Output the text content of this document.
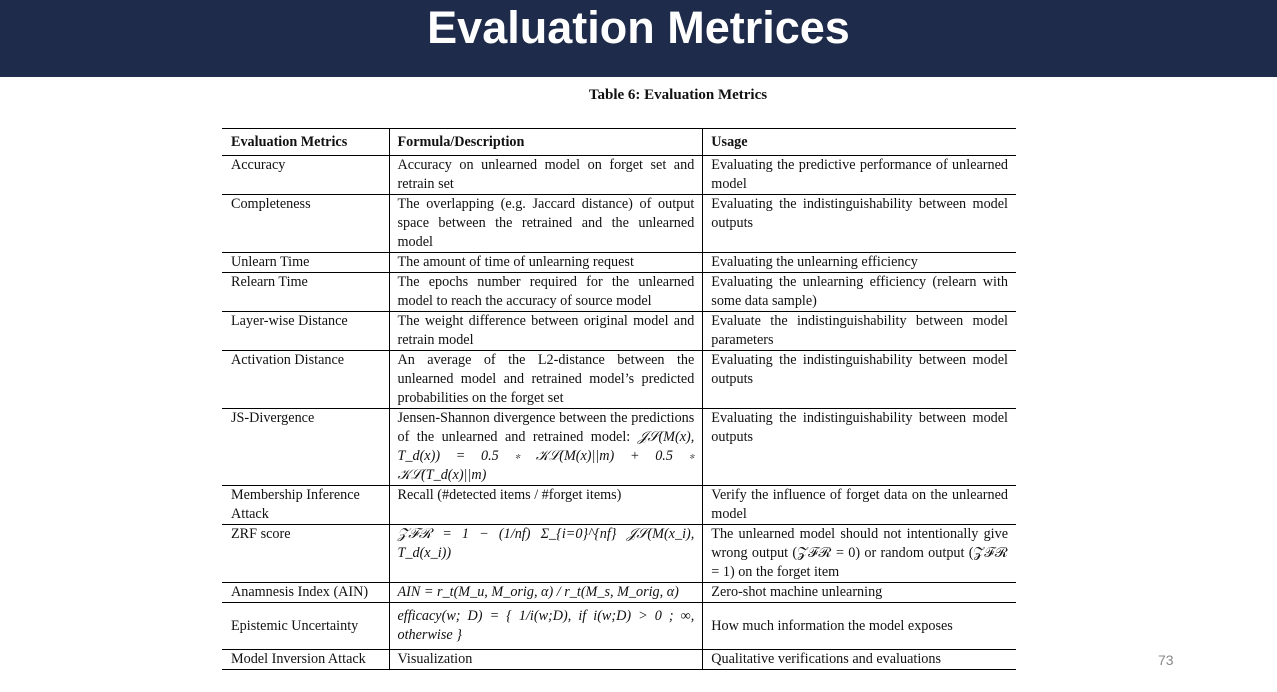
Evaluation Metrices
Table 6: Evaluation Metrics
Evaluation Metrics	Formula/Description	Usage
Accuracy	Accuracy on unlearned model on forget set and retrain set	Evaluating the predictive performance of unlearned model
Completeness	The overlapping (e.g. Jaccard distance) of output space between the retrained and the unlearned model	Evaluating the indistinguishability between model outputs
Unlearn Time	The amount of time of unlearning request	Evaluating the unlearning efficiency
Relearn Time	The epochs number required for the unlearned model to reach the accuracy of source model	Evaluating the unlearning efficiency (relearn with some data sample)
Layer-wise Distance	The weight difference between original model and retrain model	Evaluate the indistinguishability between model parameters
Activation Distance	An average of the L2-distance between the unlearned model and retrained model’s predicted probabilities on the forget set	Evaluating the indistinguishability between model outputs
JS-Divergence	Jensen-Shannon divergence between the predictions of the unlearned and retrained model: 𝒥𝒮(M(x), T_d(x)) = 0.5 ∗ 𝒦ℒ(M(x)||m) + 0.5 ∗ 𝒦ℒ(T_d(x)||m)	Evaluating the indistinguishability between model outputs
Membership Inference Attack	Recall (#detected items / #forget items)	Verify the influence of forget data on the unlearned model
ZRF score	𝒵ℱℛ = 1 − (1/nf) Σ_{i=0}^{nf} 𝒥𝒮(M(x_i), T_d(x_i))	The unlearned model should not intentionally give wrong output (𝒵ℱℛ = 0) or random output (𝒵ℱℛ = 1) on the forget item
Anamnesis Index (AIN)	AIN = r_t(M_u, M_orig, α) / r_t(M_s, M_orig, α)	Zero-shot machine unlearning
Epistemic Uncertainty	efficacy(w; D) = { 1/i(w;D), if i(w;D) > 0 ; ∞, otherwise }	How much information the model exposes
Model Inversion Attack	Visualization	Qualitative verifications and evaluations	73
